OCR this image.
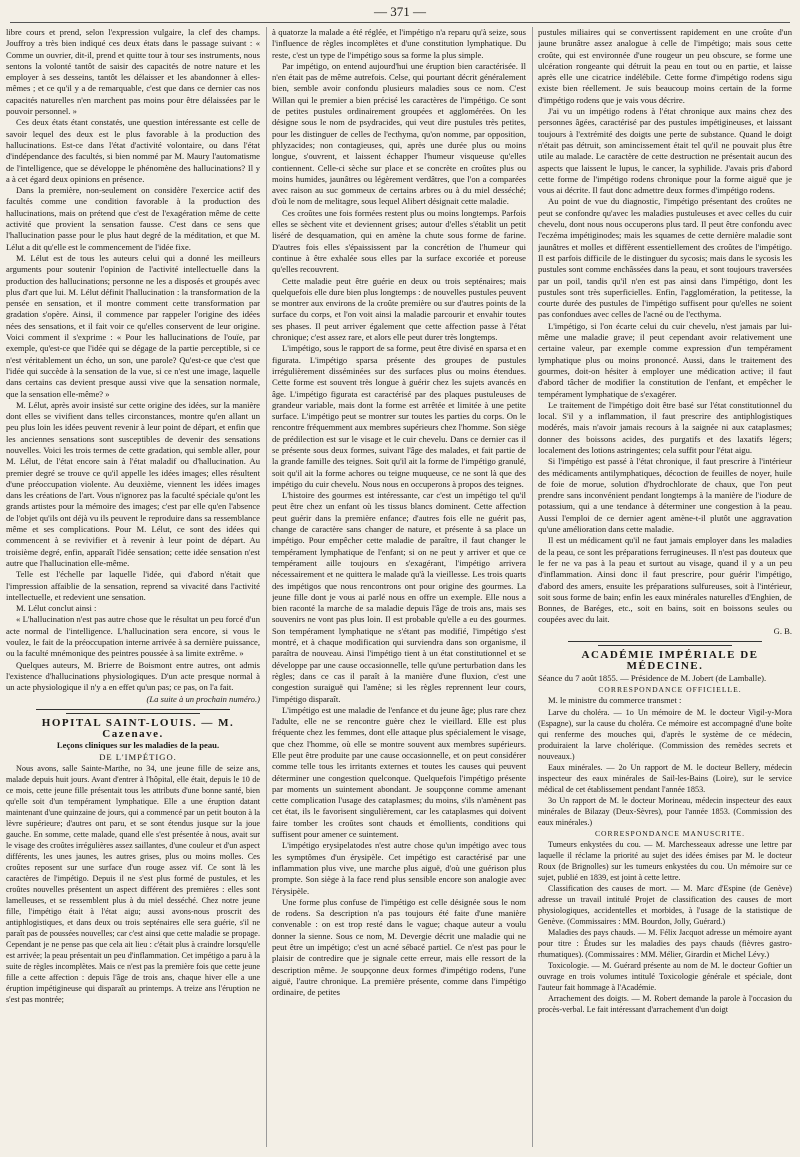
— 371 —

libre cours et prend, selon l'expression vulgaire, la clef des champs. Jouffroy a très bien indiqué ces deux états dans le passage suivant : « Comme un ouvrier, dit-il, prend et quitte tour à tour ses instruments, nous sentons la volonté tantôt de saisir des capacités de notre nature et les employer à ses desseins, tantôt les délaisser et les abandonner à elles-mêmes ; et ce qu'il y a de remarquable, c'est que dans ce dernier cas nos capacités naturelles n'en marchent pas moins pour être délaissées par le pouvoir personnel. »

Ces deux états étant constatés, une question intéressante est celle de savoir lequel des deux est le plus favorable à la production des hallucinations. Est-ce dans l'état d'activité volontaire, ou dans l'état d'indépendance des facultés, si bien nommé par M. Maury l'automatisme de l'intelligence, que se développe le phénomène des hallucinations? Il y a à cet égard deux opinions en présence.

Dans la première, non-seulement on considère l'exercice actif des facultés comme une condition favorable à la production des hallucinations, mais on prétend que c'est de l'exagération même de cette activité que provient la sensation fausse. C'est dans ce sens que l'hallucination passe pour le plus haut degré de la méditation, et que M. Lélut a dit qu'elle est le commencement de l'idée fixe.

M. Lélut est de tous les auteurs celui qui a donné les meilleurs arguments pour soutenir l'opinion de l'activité intellectuelle dans la production des hallucinations; personne ne les a disposés et groupés avec plus d'art que lui. M. Lélut définit l'hallucination : la transformation de la pensée en sensation, et il montre comment cette transformation par gradation s'opère. Ainsi, il commence par rappeler l'origine des idées nées des sensations, et il fait voir ce qu'elles conservent de leur origine. Voici comment il s'exprime : « Pour les hallucinations de l'ouïe, par exemple, qu'est-ce que l'idée qui se dégage de la partie perceptible, si ce n'est véritablement un écho, un son, une parole? Qu'est-ce que c'est que l'idée qui succède à la sensation de la vue, si ce n'est une image, laquelle dans certains cas devient presque aussi vive que la sensation normale, que la sensation elle-même? »

M. Lélut, après avoir insisté sur cette origine des idées, sur la manière dont elles se vivifient dans telles circonstances, montre qu'en allant un peu plus loin les idées peuvent revenir à leur point de départ, et enfin que les anciennes sensations sont susceptibles de devenir des sensations nouvelles. Voici les trois termes de cette gradation, qui semble aller, pour M. Lélut, de l'état encore sain à l'état maladif ou d'hallucination. Au premier degré se trouve ce qu'il appelle les idées images; elles résultent d'une préoccupation violente. Au deuxième, viennent les idées images dans les créations de l'art. Vous n'ignorez pas la faculté spéciale qu'ont les grands artistes pour la mémoire des images; c'est par elle qu'en l'absence de l'objet qu'ils ont déjà vu ils peuvent le reproduire dans sa ressemblance même et ses complications. Pour M. Lélut, ce sont des idées qui commencent à se revivifier et à revenir à leur point de départ. Au troisième degré, enfin, apparaît l'idée sensation; cette idée sensation n'est autre que l'hallucination elle-même.

Telle est l'échelle par laquelle l'idée, qui d'abord n'était que l'impression affaiblie de la sensation, reprend sa vivacité dans l'activité intellectuelle, et redevient une sensation.

M. Lélut conclut ainsi :

« L'hallucination n'est pas autre chose que le résultat un peu forcé d'un acte normal de l'intelligence. L'hallucination sera encore, si vous le voulez, le fait de la préoccupation interne arrivée à sa dernière puissance, ou la faculté mnémonique des peintres poussée à sa limite extrême. »

Quelques auteurs, M. Brierre de Boismont entre autres, ont admis l'existence d'hallucinations physiologiques. D'un acte presque normal à un acte physiologique il n'y a en effet qu'un pas; ce pas, on l'a fait.

(La suite à un prochain numéro.)

HOPITAL SAINT-LOUIS. — M. Cazenave.

Leçons cliniques sur les maladies de la peau.

DE L'IMPÉTIGO.

Nous avons, salle Sainte-Marthe, no 34, une jeune fille de seize ans, malade depuis huit jours. Avant d'entrer à l'hôpital, elle était, depuis le 10 de ce mois, cette jeune fille présentait tous les attributs d'une bonne santé, bien qu'elle soit d'un tempérament lymphatique. Elle a une éruption datant maintenant d'une quinzaine de jours, qui a commencé par un petit bouton à la lèvre supérieure; d'autres ont paru, et se sont étendus jusque sur la joue gauche. En somme, cette malade, quand elle s'est présentée à nous, avait sur le visage des croûtes irrégulières assez saillantes, d'une couleur et d'un aspect différents, les unes jaunes, les autres grises, plus ou moins molles. Ces croûtes reposent sur une surface d'un rouge assez vif. Ce sont là les caractères de l'impétigo. Depuis il ne s'est plus formé de pustules, et les croûtes nouvelles présentent un aspect différent des premières : elles sont lamelleuses, et se ressemblent plus à du miel desséché. Chez notre jeune fille, l'impétigo était à l'état aigu; aussi avons-nous proscrit des antiphlogistiques, et dans deux ou trois septénaires elle sera guérie, s'il ne paraît pas de poussées nouvelles; car c'est ainsi que cette maladie se propage. Cependant je ne pense pas que cela ait lieu : c'était plus à craindre lorsqu'elle est arrivée; la peau présentait un peu d'inflammation. Cet impétigo a paru à la suite de règles incomplètes. Mais ce n'est pas la première fois que cette jeune fille a cette affection : depuis l'âge de trois ans, chaque hiver elle a une éruption impétigineuse qui disparaît au printemps. A treize ans l'éruption ne s'est pas montrée;

à quatorze la malade a été réglée, et l'impétigo n'a reparu qu'à seize, sous l'influence de règles incomplètes et d'une constitution lymphatique. Du reste, c'est un type de l'impétigo sous sa forme la plus simple.

Par impétigo, on entend aujourd'hui une éruption bien caractérisée. Il n'en était pas de même autrefois. Celse, qui pourtant décrit généralement bien, semble avoir confondu plusieurs maladies sous ce nom. C'est Willan qui le premier a bien précisé les caractères de l'impétigo. Ce sont de petites pustules ordinairement groupées et agglomérées. On les désigne sous le nom de psydracides, qui veut dire pustules très petites, pour les distinguer de celles de l'ecthyma, qu'on nomme, par opposition, phlyzacides; non contagieuses, qui, après une durée plus ou moins longue, s'ouvrent, et laissent échapper l'humeur visqueuse qu'elles contiennent. Celle-ci sèche sur place et se concrète en croûtes plus ou moins humides, jaunâtres ou légèrement verdâtres, que l'on a comparées avec raison au suc gommeux de certains arbres ou à du miel desséché; d'où le nom de melitagre, sous lequel Alibert désignait cette maladie.

Ces croûtes une fois formées restent plus ou moins longtemps. Parfois elles se sèchent vite et deviennent grises; autour d'elles s'établit un petit liséré de desquamation, qui en amène la chute sous forme de farine. D'autres fois elles s'épaississent par la concrétion de l'humeur qui continue à être exhalée sous elles par la surface excoriée et poreuse qu'elles recouvrent.

Cette maladie peut être guérie en deux ou trois septénaires; mais quelquefois elle dure bien plus longtemps : de nouvelles pustules peuvent se montrer aux environs de la croûte première ou sur d'autres points de la surface du corps, et l'on voit ainsi la maladie parcourir et envahir toutes ses phases. Il peut arriver également que cette affection passe à l'état chronique; c'est assez rare, et alors elle peut durer très longtemps.

L'impétigo, sous le rapport de sa forme, peut être divisé en sparsa et en figurata. L'impétigo sparsa présente des groupes de pustules irrégulièrement disséminées sur des surfaces plus ou moins étendues. Cette forme est souvent très longue à guérir chez les sujets avancés en âge. L'impétigo figurata est caractérisé par des plaques pustuleuses de grandeur variable, mais dont la forme est arrêtée et limitée à une petite surface. L'impétigo peut se montrer sur toutes les parties du corps. On le rencontre fréquemment aux membres supérieurs chez l'homme. Son siège de prédilection est sur le visage et le cuir chevelu. Dans ce dernier cas il se présente sous deux formes, suivant l'âge des malades, et fait partie de la grande famille des teignes. Soit qu'il ait la forme de l'impétigo granulé, soit qu'il ait la forme achores ou teigne muqueuse, ce ne sont là que des impétigo du cuir chevelu. Nous nous en occuperons à propos des teignes.

L'histoire des gourmes est intéressante, car c'est un impétigo tel qu'il peut être chez un enfant où les tissus blancs dominent. Cette affection peut guérir dans la première enfance; d'autres fois elle ne guérit pas, change de caractère sans changer de nature, et présente à sa place un impétigo. Pour empêcher cette maladie de paraître, il faut changer le tempérament lymphatique de l'enfant; si on ne peut y arriver et que ce tempérament aille toujours en s'exagérant, l'impétigo arrivera nécessairement et ne quittera le malade qu'à la vieillesse. Les trois quarts des impétigos que nous rencontrons ont pour origine des gourmes. La jeune fille dont je vous ai parlé nous en offre un exemple. Elle nous a bien raconté la marche de sa maladie depuis l'âge de trois ans, mais ses souvenirs ne vont pas plus loin. Il est probable qu'elle a eu des gourmes. Son tempérament lymphatique ne s'étant pas modifié, l'impétigo s'est montré, et à chaque modification qui surviendra dans son organisme, il paraîtra de nouveau. Ainsi l'impétigo tient à un état constitutionnel et se développe par une cause occasionnelle, telle qu'une perturbation dans les règles; dans ce cas il paraît à la manière d'une fluxion, c'est une congestion suraiguë qui l'amène; si les règles reprennent leur cours, l'impétigo disparaît.

L'impétigo est une maladie de l'enfance et du jeune âge; plus rare chez l'adulte, elle ne se rencontre guère chez le vieillard. Elle est plus fréquente chez les femmes, dont elle attaque plus spécialement le visage, que chez l'homme, où elle se montre souvent aux membres supérieurs. Elle peut être produite par une cause occasionnelle, et on peut considérer comme telle tous les irritants externes et toutes les causes qui peuvent déterminer une congestion quelconque. Quelquefois l'impétigo présente par moments un suintement abondant. Je soupçonne comme amenant cette complication l'usage des cataplasmes; du moins, s'ils n'amènent pas cet état, ils le favorisent singulièrement, car les cataplasmes qui doivent faire tomber les croûtes sont chauds et émollients, conditions qui suffisent pour amener ce suintement.

L'impétigo erysipelatodes n'est autre chose qu'un impétigo avec tous les symptômes d'un érysipèle. Cet impétigo est caractérisé par une inflammation plus vive, une marche plus aiguë, d'où une guérison plus prompte. Son siège à la face rend plus sensible encore son analogie avec l'érysipèle.

Une forme plus confuse de l'impétigo est celle désignée sous le nom de rodens. Sa description n'a pas toujours été faite d'une manière convenable : on est trop resté dans le vague; chaque auteur a voulu donner la sienne. Sous ce nom, M. Devergie décrit une maladie qui ne peut être un impétigo; c'est un acné sébacé partiel. Ce n'est pas pour le plaisir de contredire que je signale cette erreur, mais elle ressort de la description même. Je soupçonne deux formes d'impétigo rodens, l'une aiguë, l'autre chronique. La première présente, comme dans l'impétigo ordinaire, de petites

pustules miliaires qui se convertissent rapidement en une croûte d'un jaune brunâtre assez analogue à celle de l'impétigo; mais sous cette croûte, qui est environnée d'une rougeur un peu obscure, se forme une ulcération rongeante qui détruit la peau en tout ou en partie, et laisse après elle une cicatrice indélébile. Cette forme d'impétigo rodens sigu existe bien réellement. Je suis beaucoup moins certain de la forme d'impétigo rodens que je vais vous décrire.

J'ai vu un impétigo rodens à l'état chronique aux mains chez des personnes âgées, caractérisé par des pustules impétigineuses, et laissant toujours à l'extrémité des doigts une perte de substance. Quand le doigt n'était pas détruit, son amincissement était tel qu'il ne pouvait plus être utile au malade. Le caractère de cette destruction ne présentait aucun des aspects que laissent le lupus, le cancer, la syphilide. J'avais pris d'abord cette forme de l'impétigo rodens chronique pour la forme aiguë que je vous ai décrite. Il faut donc admettre deux formes d'impétigo rodens.

Au point de vue du diagnostic, l'impétigo présentant des croûtes ne peut se confondre qu'avec les maladies pustuleuses et avec celles du cuir chevelu, dont nous nous occuperons plus tard. Il peut être confondu avec l'eczéma impétiginodes; mais les squames de cette dernière maladie sont jaunâtres et molles et diffèrent essentiellement des croûtes de l'impétigo. Il est parfois difficile de le distinguer du sycosis; mais dans le sycosis les pustules sont comme enchâssées dans la peau, et sont toujours traversées par un poil, tandis qu'il n'en est pas ainsi dans l'impétigo, dont les pustules sont très superficielles. Enfin, l'agglomération, la petitesse, la courte durée des pustules de l'impétigo suffisent pour qu'elles ne soient pas confondues avec celles de l'acné ou de l'ecthyma.

L'impétigo, si l'on écarte celui du cuir chevelu, n'est jamais par lui-même une maladie grave; il peut cependant avoir relativement une certaine valeur, par exemple comme expression d'un tempérament lymphatique plus ou moins prononcé. Aussi, dans le traitement des gourmes, doit-on hésiter à employer une médication active; il faut d'abord tâcher de modifier la constitution de l'enfant, et empêcher le tempérament lymphatique de s'exagérer.

Le traitement de l'impétigo doit être basé sur l'état constitutionnel du local. S'il y a inflammation, il faut prescrire des antiphlogistiques modérés, mais n'avoir jamais recours à la saignée ni aux cataplasmes; donner des boissons acides, des purgatifs et des laxatifs légers; localement des lotions astringentes; cela suffit pour l'état aigu.

Si l'impétigo est passé à l'état chronique, il faut prescrire à l'intérieur des médicaments antilymphatiques, décoction de feuilles de noyer, huile de foie de morue, solution d'hydrochlorate de chaux, que l'on peut prendre sans inconvénient pendant longtemps à la manière de l'iodure de potassium, qui a une tendance à déterminer une congestion à la peau. Aussi l'emploi de ce dernier agent amène-t-il plutôt une aggravation qu'une amélioration dans cette maladie.

Il est un médicament qu'il ne faut jamais employer dans les maladies de la peau, ce sont les préparations ferrugineuses. Il n'est pas douteux que le fer ne va pas à la peau et surtout au visage, quand il y a un peu d'inflammation. Ainsi donc il faut prescrire, pour guérir l'impétigo, d'abord des amers, ensuite les préparations sulfureuses, soit à l'intérieur, soit sous forme de bain; enfin les eaux minérales naturelles d'Enghien, de Bonnes, de Baréges, etc., soit en bains, soit en boissons seules ou coupées avec du lait.

G. B.

ACADÉMIE IMPÉRIALE DE MÉDECINE.

Séance du 7 août 1855. — Présidence de M. Jobert (de Lamballe).

CORRESPONDANCE OFFICIELLE.

M. le ministre du commerce transmet :

Larve du choléra. — 1o Un mémoire de M. le docteur Vigil-y-Mora (Espagne), sur la cause du choléra. Ce mémoire est accompagné d'une boîte qui renferme des mouches qui, d'après le système de ce médecin, produiraient la larve cholérique. (Commission des remèdes secrets et nouveaux.)

Eaux minérales. — 2o Un rapport de M. le docteur Bellery, médecin inspecteur des eaux minérales de Sail-les-Bains (Loire), sur le service médical de cet établissement pendant l'année 1853.

3o Un rapport de M. le docteur Morineau, médecin inspecteur des eaux minérales de Bilazay (Deux-Sèvres), pour l'année 1853. (Commission des eaux minérales.)

CORRESPONDANCE MANUSCRITE.

Tumeurs enkystées du cou. — M. Marchesseaux adresse une lettre par laquelle il réclame la priorité au sujet des idées émises par M. le docteur Roux (de Brignolles) sur les tumeurs enkystées du cou. Un mémoire sur ce sujet, publié en 1839, est joint à cette lettre.

Classification des causes de mort. — M. Marc d'Espine (de Genève) adresse un travail intitulé Projet de classification des causes de mort physiologiques, accidentelles et morbides, à l'usage de la statistique de Genève. (Commissaires : MM. Bourdon, Jolly, Guérard.)

Maladies des pays chauds. — M. Félix Jacquot adresse un mémoire ayant pour titre : Études sur les maladies des pays chauds (fièvres gastro-rhumatiques). (Commissaires : MM. Mélier, Girardin et Michel Lévy.)

Toxicologie. — M. Guérard présente au nom de M. le docteur Goftier un ouvrage en trois volumes intitulé Toxicologie générale et spéciale, dont l'auteur fait hommage à l'Académie.

Arrachement des doigts. — M. Robert demande la parole à l'occasion du procès-verbal. Le fait intéressant d'arrachement d'un doigt
